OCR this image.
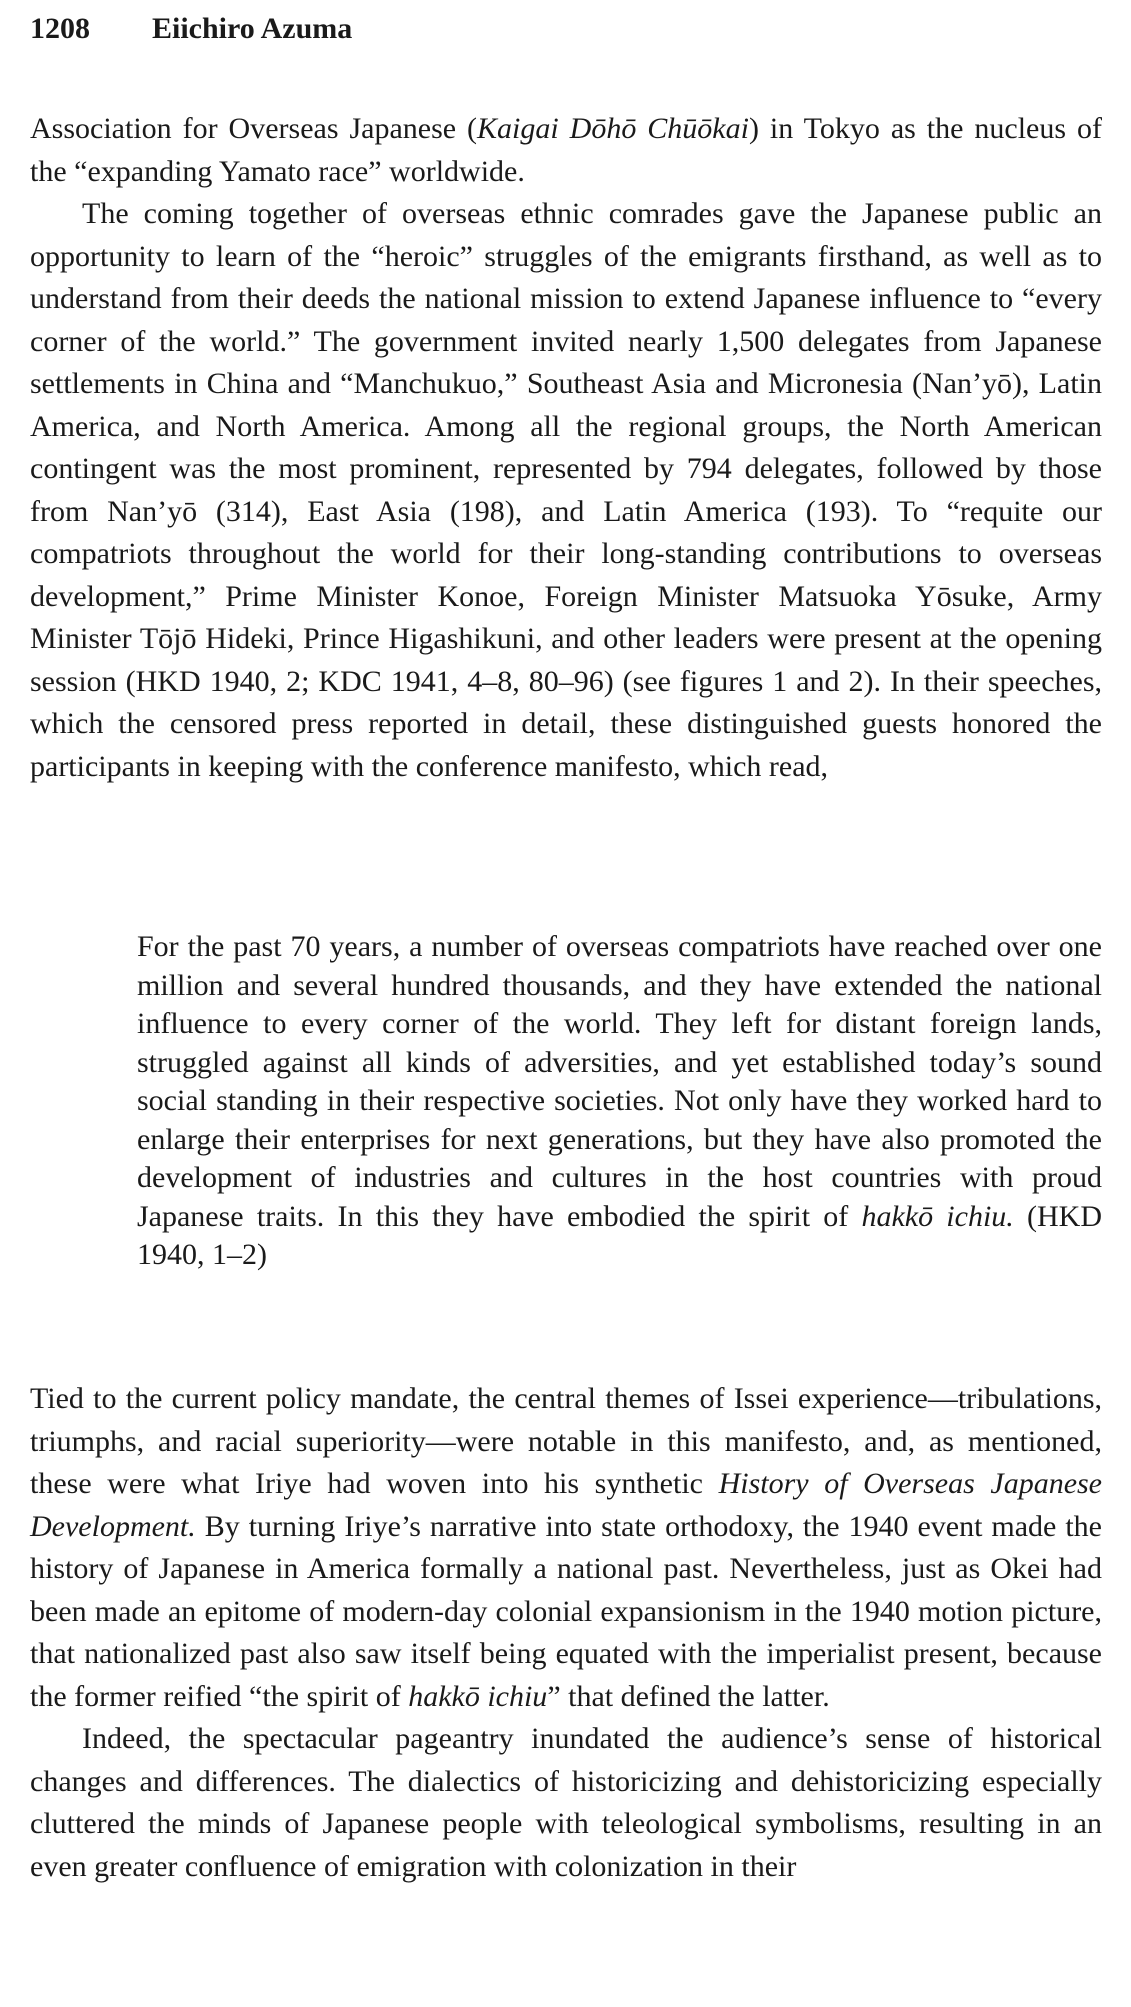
1208 Eiichiro Azuma

Association for Overseas Japanese (Kaigai Dōhō Chūōkai) in Tokyo as the nucleus of the “expanding Yamato race” worldwide.

The coming together of overseas ethnic comrades gave the Japanese public an opportunity to learn of the “heroic” struggles of the emigrants firsthand, as well as to understand from their deeds the national mission to extend Japanese influence to “every corner of the world.” The government invited nearly 1,500 delegates from Japanese settlements in China and “Manchukuo,” Southeast Asia and Micronesia (Nan’yō), Latin America, and North America. Among all the regional groups, the North American contingent was the most prominent, represented by 794 delegates, followed by those from Nan’yō (314), East Asia (198), and Latin America (193). To “requite our compatriots throughout the world for their long-standing contributions to overseas development,” Prime Minister Konoe, Foreign Minister Matsuoka Yōsuke, Army Minister Tōjō Hideki, Prince Higashikuni, and other leaders were present at the opening session (HKD 1940, 2; KDC 1941, 4–8, 80–96) (see figures 1 and 2). In their speeches, which the censored press reported in detail, these distinguished guests honored the participants in keeping with the conference manifesto, which read,

For the past 70 years, a number of overseas compatriots have reached over one million and several hundred thousands, and they have extended the national influence to every corner of the world. They left for distant foreign lands, struggled against all kinds of adversities, and yet established today’s sound social standing in their respective societies. Not only have they worked hard to enlarge their enterprises for next generations, but they have also promoted the development of industries and cultures in the host countries with proud Japanese traits. In this they have embodied the spirit of hakkō ichiu. (HKD 1940, 1–2)

Tied to the current policy mandate, the central themes of Issei experience—tribulations, triumphs, and racial superiority—were notable in this manifesto, and, as mentioned, these were what Iriye had woven into his synthetic History of Overseas Japanese Development. By turning Iriye’s narrative into state orthodoxy, the 1940 event made the history of Japanese in America formally a national past. Nevertheless, just as Okei had been made an epitome of modern-day colonial expansionism in the 1940 motion picture, that nationalized past also saw itself being equated with the imperialist present, because the former reified “the spirit of hakkō ichiu” that defined the latter.

Indeed, the spectacular pageantry inundated the audience’s sense of historical changes and differences. The dialectics of historicizing and dehistoricizing especially cluttered the minds of Japanese people with teleological symbolisms, resulting in an even greater confluence of emigration with colonization in their
